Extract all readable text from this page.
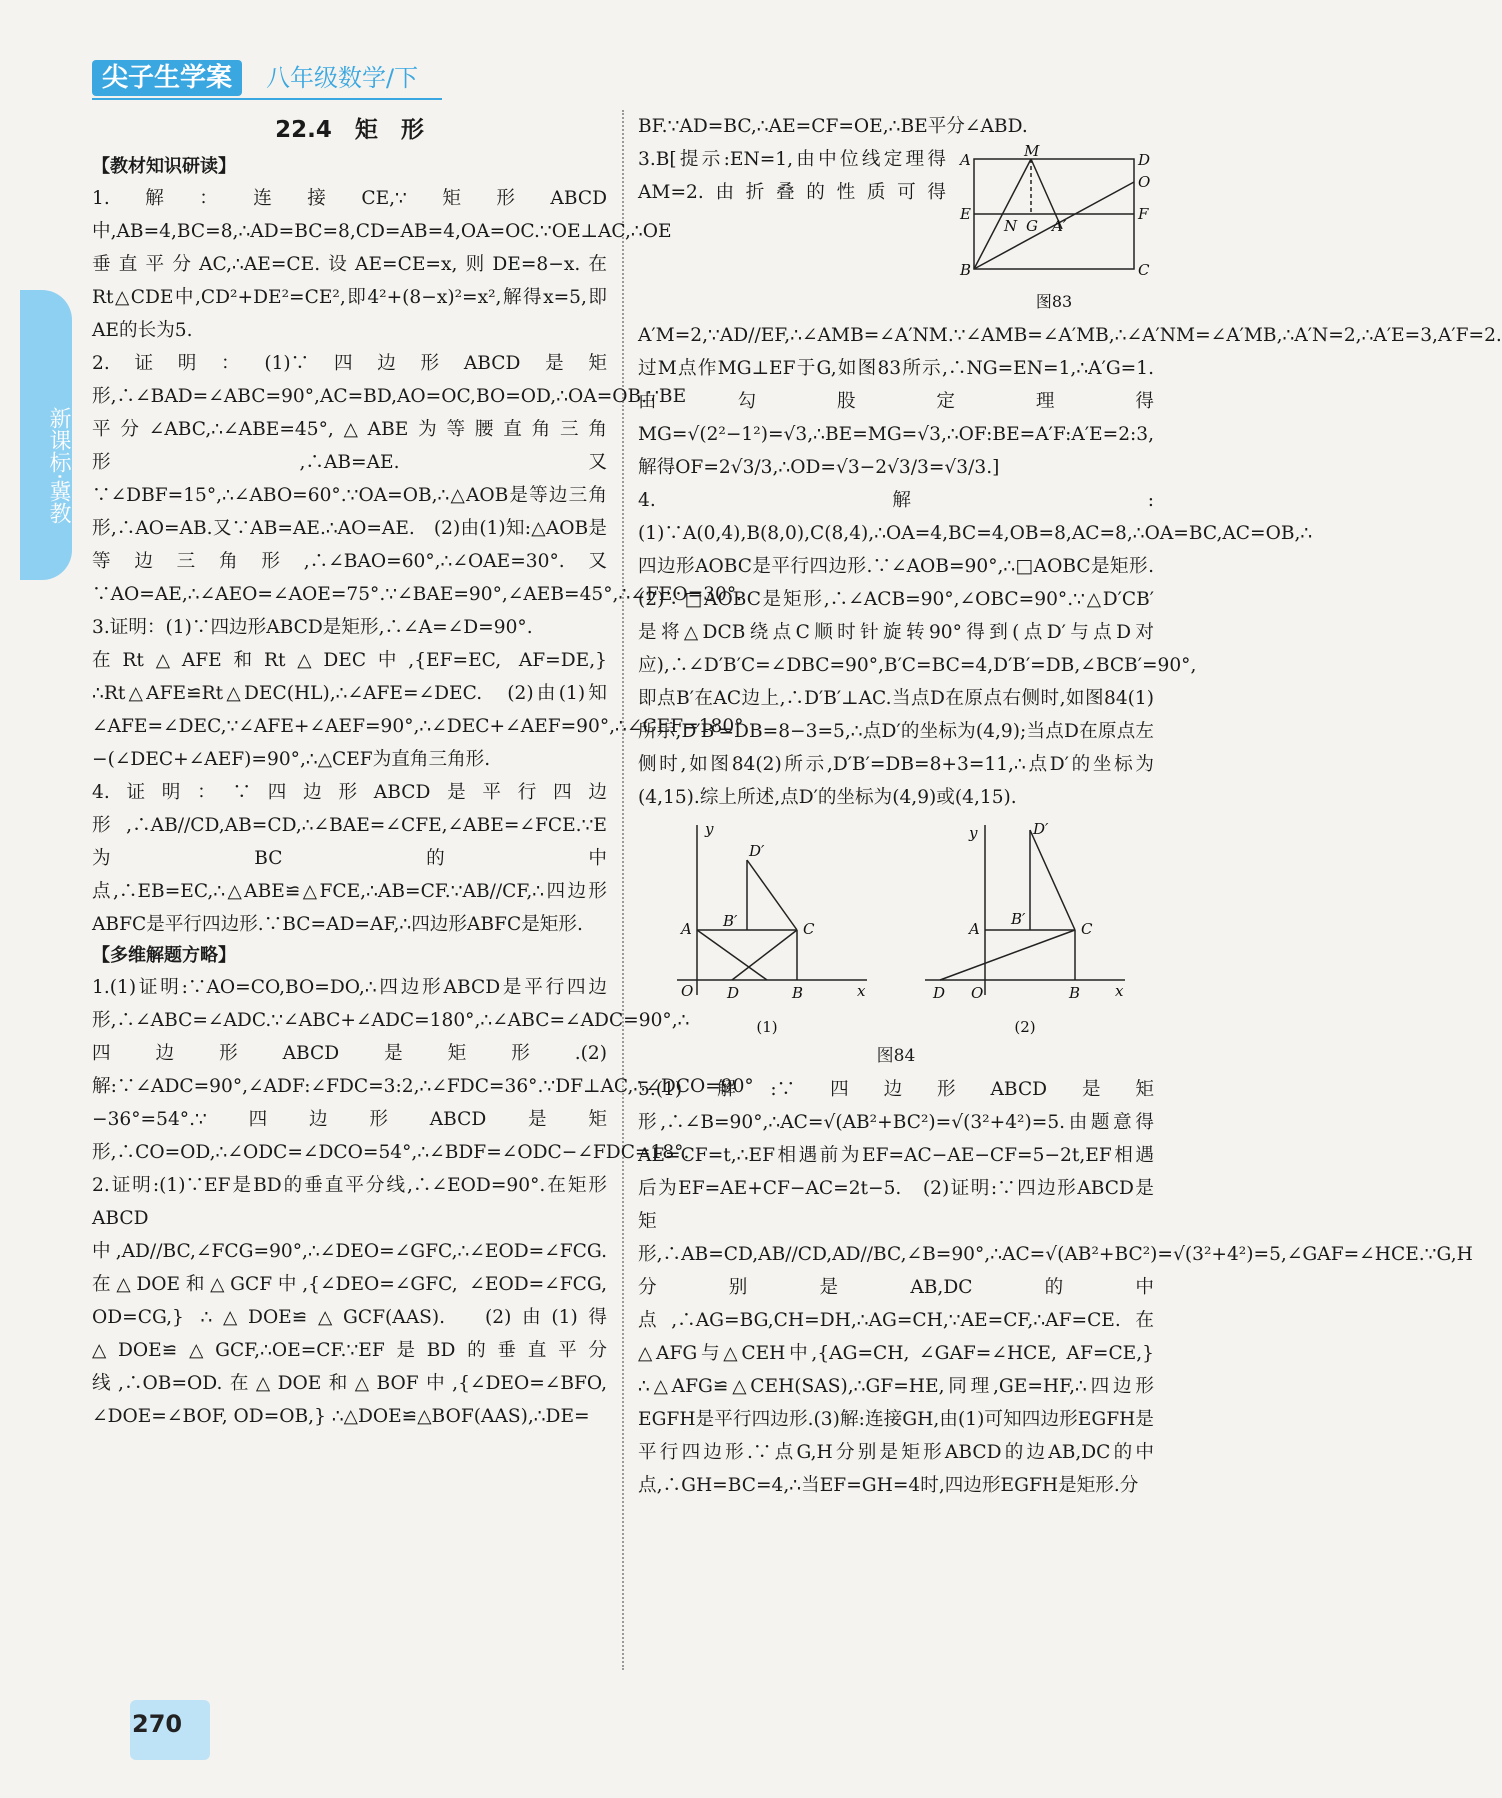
尖子生学案	八年级数学/下
新课标·冀教
22.4　矩　形
【教材知识研读】

1.解：连接CE,∵矩形ABCD中,AB=4,BC=8,∴AD=BC=8,CD=AB=4,OA=OC.∵OE⊥AC,∴OE垂直平分AC,∴AE=CE.设AE=CE=x,则DE=8−x.在Rt△CDE中,CD²+DE²=CE²,即4²+(8−x)²=x²,解得x=5,即AE的长为5.

2.证明：(1)∵四边形ABCD是矩形,∴∠BAD=∠ABC=90°,AC=BD,AO=OC,BO=OD,∴OA=OB.∵BE平分∠ABC,∴∠ABE=45°,△ABE为等腰直角三角形,∴AB=AE.又∵∠DBF=15°,∴∠ABO=60°.∵OA=OB,∴△AOB是等边三角形,∴AO=AB.又∵AB=AE.∴AO=AE.　(2)由(1)知:△AOB是等边三角形,∴∠BAO=60°,∴∠OAE=30°.又∵AO=AE,∴∠AEO=∠AOE=75°.∵∠BAE=90°,∠AEB=45°,∴∠FEO=30°.

3.证明：(1)∵四边形ABCD是矩形,∴∠A=∠D=90°.

在Rt△AFE和Rt△DEC中,{EF=EC, AF=DE,} ∴Rt△AFE≌Rt△DEC(HL),∴∠AFE=∠DEC.　(2)由(1)知∠AFE=∠DEC,∵∠AFE+∠AEF=90°,∴∠DEC+∠AEF=90°,∴∠CEF=180°−(∠DEC+∠AEF)=90°,∴△CEF为直角三角形.

4.证明：∵四边形ABCD是平行四边形,∴AB//CD,AB=CD,∴∠BAE=∠CFE,∠ABE=∠FCE.∵E为BC的中点,∴EB=EC,∴△ABE≌△FCE,∴AB=CF.∵AB//CF,∴四边形ABFC是平行四边形.∵BC=AD=AF,∴四边形ABFC是矩形.

【多维解题方略】

1.(1)证明:∵AO=CO,BO=DO,∴四边形ABCD是平行四边形,∴∠ABC=∠ADC.∵∠ABC+∠ADC=180°,∴∠ABC=∠ADC=90°,∴四边形ABCD是矩形.(2)解:∵∠ADC=90°,∠ADF:∠FDC=3:2,∴∠FDC=36°.∵DF⊥AC,∴∠DCO=90°−36°=54°.∵四边形ABCD是矩形,∴CO=OD,∴∠ODC=∠DCO=54°,∴∠BDF=∠ODC−∠FDC=18°.

2.证明:(1)∵EF是BD的垂直平分线,∴∠EOD=90°.在矩形ABCD中,AD//BC,∠FCG=90°,∴∠DEO=∠GFC,∴∠EOD=∠FCG.在△DOE和△GCF中,{∠DEO=∠GFC, ∠EOD=∠FCG, OD=CG,} ∴△DOE≌△GCF(AAS).　(2)由(1)得△DOE≌△GCF,∴OE=CF.∵EF是BD的垂直平分线,∴OB=OD.在△DOE和△BOF中,{∠DEO=∠BFO, ∠DOE=∠BOF, OD=OB,} ∴△DOE≌△BOF(AAS),∴DE=

BF.∵AD=BC,∴AE=CF=OE,∴BE平分∠ABD.

A	M	D
O
E	F
N G A′
B	C
图83

3.B[提示:EN=1,由中位线定理得AM=2.由折叠的性质可得A′M=2,∵AD//EF,∴∠AMB=∠A′NM.∵∠AMB=∠A′MB,∴∠A′NM=∠A′MB,∴A′N=2,∴A′E=3,A′F=2.过M点作MG⊥EF于G,如图83所示,∴NG=EN=1,∴A′G=1.由勾股定理得MG=√(2²−1²)=√3,∴BE=MG=√3,∴OF:BE=A′F:A′E=2:3,解得OF=2√3/3,∴OD=√3−2√3/3=√3/3.]

4.解:(1)∵A(0,4),B(8,0),C(8,4),∴OA=4,BC=4,OB=8,AC=8,∴OA=BC,AC=OB,∴四边形AOBC是平行四边形.∵∠AOB=90°,∴□AOBC是矩形.(2)∵□AOBC是矩形,∴∠ACB=90°,∠OBC=90°.∵△D′CB′是将△DCB绕点C顺时针旋转90°得到(点D′与点D对应),∴∠D′B′C=∠DBC=90°,B′C=BC=4,D′B′=DB,∠BCB′=90°,即点B′在AC边上,∴D′B′⊥AC.当点D在原点右侧时,如图84(1)所示,D′B′=DB=8−3=5,∴点D′的坐标为(4,9);当点D在原点左侧时,如图84(2)所示,D′B′=DB=8+3=11,∴点D′的坐标为(4,15).综上所述,点D′的坐标为(4,9)或(4,15).

y
D′
A B′	C
O D	B	x
(1)
y	D′
A
B′
C
D O	B x
(2)
图84

5.(1)解:∵四边形ABCD是矩形,∴∠B=90°,∴AC=√(AB²+BC²)=√(3²+4²)=5.由题意得AE=CF=t,∴EF相遇前为EF=AC−AE−CF=5−2t,EF相遇后为EF=AE+CF−AC=2t−5.　(2)证明:∵四边形ABCD是矩形,∴AB=CD,AB//CD,AD//BC,∠B=90°,∴AC=√(AB²+BC²)=√(3²+4²)=5,∠GAF=∠HCE.∵G,H分别是AB,DC的中点,∴AG=BG,CH=DH,∴AG=CH,∵AE=CF,∴AF=CE.在△AFG与△CEH中,{AG=CH, ∠GAF=∠HCE, AF=CE,} ∴△AFG≌△CEH(SAS),∴GF=HE,同理,GE=HF,∴四边形EGFH是平行四边形.(3)解:连接GH,由(1)可知四边形EGFH是平行四边形.∵点G,H分别是矩形ABCD的边AB,DC的中点,∴GH=BC=4,∴当EF=GH=4时,四边形EGFH是矩形.分

270
